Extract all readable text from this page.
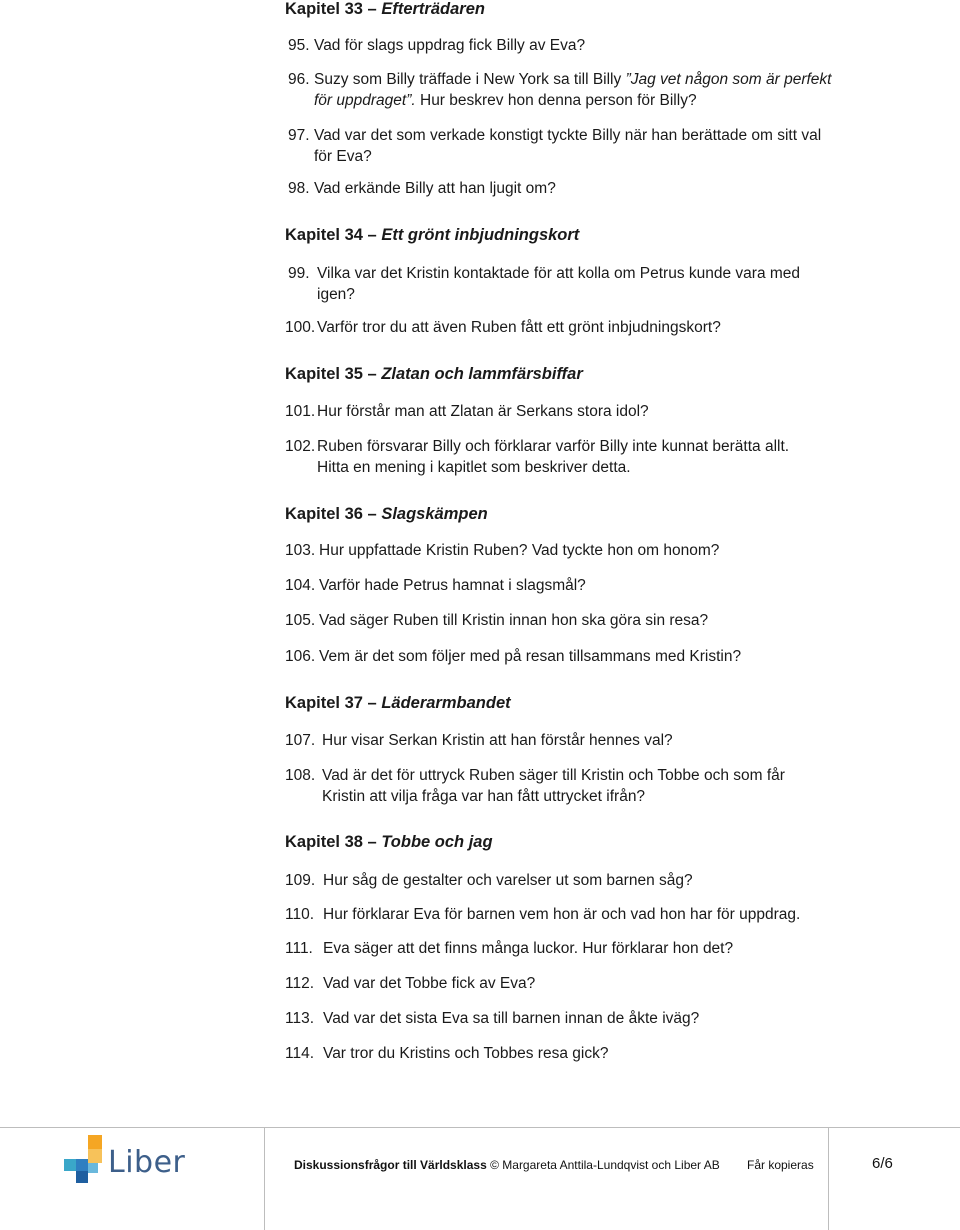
Kapitel 33 – Efterträdaren
95. Vad för slags uppdrag fick Billy av Eva?
96. Suzy som Billy träffade i New York sa till Billy ”Jag vet någon som är perfekt
för uppdraget”. Hur beskrev hon denna person för Billy?
97. Vad var det som verkade konstigt tyckte Billy när han berättade om sitt val
för Eva?
98. Vad erkände Billy att han ljugit om?
Kapitel 34 – Ett grönt inbjudningskort
99. Vilka var det Kristin kontaktade för att kolla om Petrus kunde vara med
igen?
100. Varför tror du att även Ruben fått ett grönt inbjudningskort?
Kapitel 35 – Zlatan och lammfärsbiffar
101. Hur förstår man att Zlatan är Serkans stora idol?
102. Ruben försvarar Billy och förklarar varför Billy inte kunnat berätta allt.
Hitta en mening i kapitlet som beskriver detta.
Kapitel 36 – Slagskämpen
103. Hur uppfattade Kristin Ruben? Vad tyckte hon om honom?
104. Varför hade Petrus hamnat i slagsmål?
105. Vad säger Ruben till Kristin innan hon ska göra sin resa?
106. Vem är det som följer med på resan tillsammans med Kristin?
Kapitel 37 – Läderarmbandet
107. Hur visar Serkan Kristin att han förstår hennes val?
108. Vad är det för uttryck Ruben säger till Kristin och Tobbe och som får
Kristin att vilja fråga var han fått uttrycket ifrån?
Kapitel 38 – Tobbe och jag
109. Hur såg de gestalter och varelser ut som barnen såg?
110. Hur förklarar Eva för barnen vem hon är och vad hon har för uppdrag.
111. Eva säger att det finns många luckor. Hur förklarar hon det?
112. Vad var det Tobbe fick av Eva?
113. Vad var det sista Eva sa till barnen innan de åkte iväg?
114. Var tror du Kristins och Tobbes resa gick?
Liber	Diskussionsfrågor till Världsklass © Margareta Anttila-Lundqvist och Liber AB Får kopieras	6/6
